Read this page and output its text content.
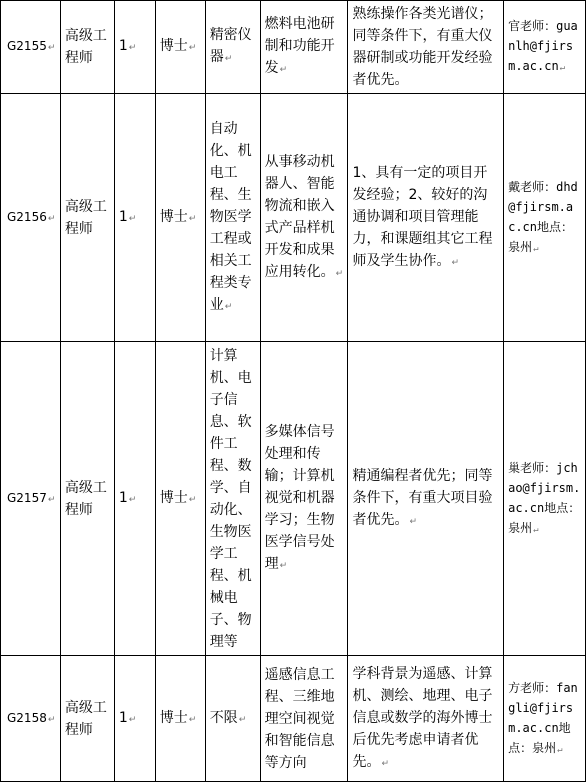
G2155↵	高级工程师	1↵	博士↵	精密仪器↵	燃料电池研制和功能开发↵	熟练操作各类光谱仪；同等条件下，有重大仪器研制或功能开发经验者优先。	官老师：guanlh@fjirsm.ac.cn↵
G2156↵	高级工程师	1↵	博士↵	自动化、机电工程、生物医学工程或相关工程类专业↵	从事移动机器人、智能物流和嵌入式产品样机开发和成果应用转化。↵	1、具有一定的项目开发经验；2、较好的沟通协调和项目管理能力，和课题组其它工程师及学生协作。↵	戴老师：dhd@fjirsm.ac.cn地点：泉州↵
G2157↵	高级工程师	1↵	博士↵	计算机、电子信息、软件工程、数学、自动化、生物医学工程、机械电子、物理等	多媒体信号处理和传输；计算机视觉和机器学习；生物医学信号处理↵	精通编程者优先；同等条件下，有重大项目验者优先。↵	巢老师：jchao@fjirsm.ac.cn地点：泉州↵
G2158↵	高级工程师	1↵	博士↵	不限↵	遥感信息工程、三维地理空间视觉和智能信息等方向	学科背景为遥感、计算机、测绘、地理、电子信息或数学的海外博士后优先考虑申请者优先。↵	方老师：fangli@fjirsm.ac.cn地点：泉州↵
